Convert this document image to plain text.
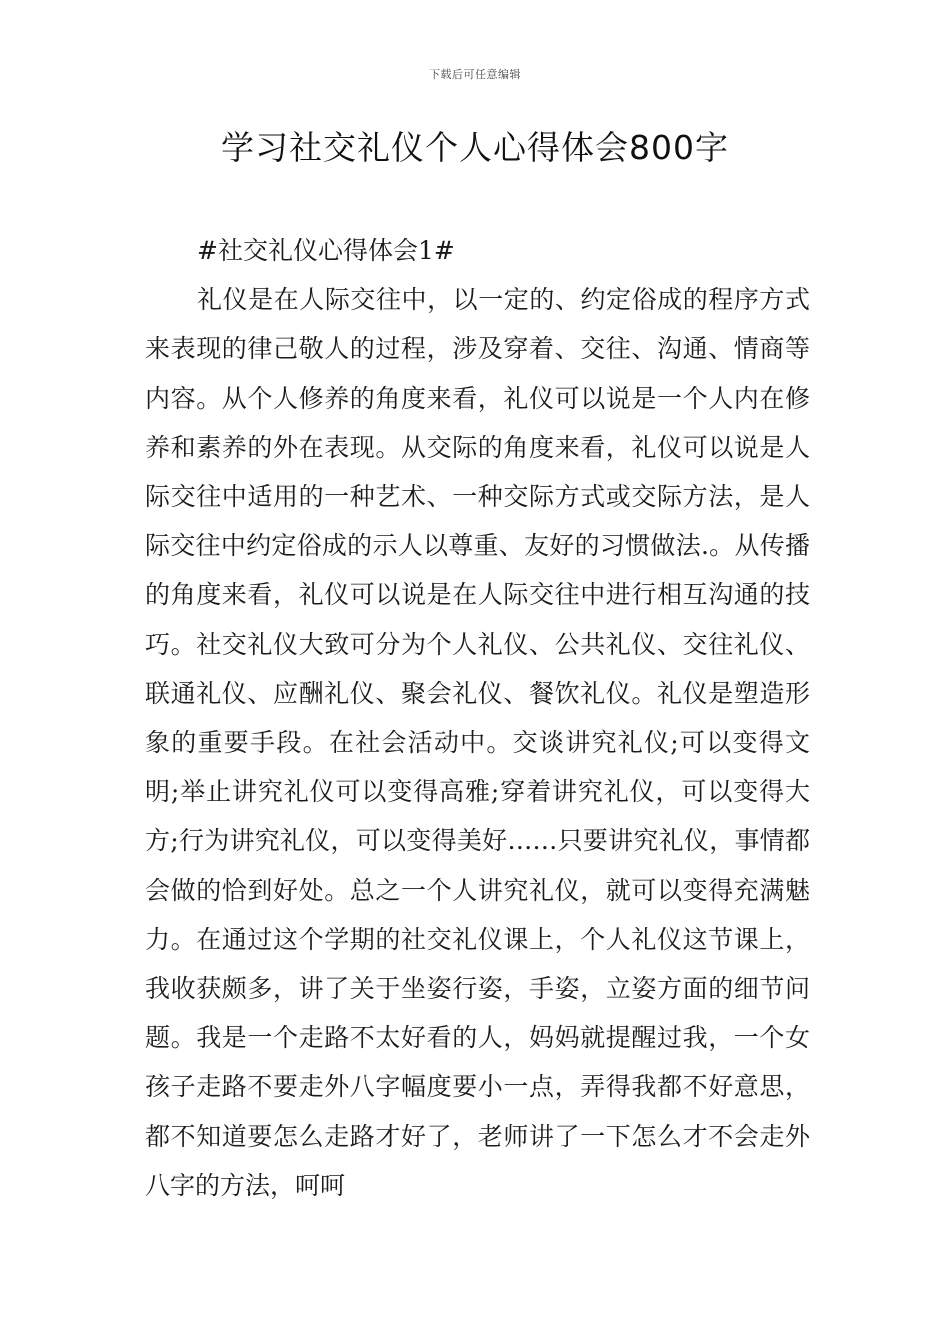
下载后可任意编辑
学习社交礼仪个人心得体会800字

#社交礼仪心得体会1#

礼仪是在人际交往中，以一定的、约定俗成的程序方式来表现的律己敬人的过程，涉及穿着、交往、沟通、情商等内容。从个人修养的角度来看，礼仪可以说是一个人内在修养和素养的外在表现。从交际的角度来看，礼仪可以说是人际交往中适用的一种艺术、一种交际方式或交际方法，是人际交往中约定俗成的示人以尊重、友好的习惯做法.。从传播的角度来看，礼仪可以说是在人际交往中进行相互沟通的技巧。社交礼仪大致可分为个人礼仪、公共礼仪、交往礼仪、联通礼仪、应酬礼仪、聚会礼仪、餐饮礼仪。礼仪是塑造形象的重要手段。在社会活动中。交谈讲究礼仪;可以变得文明;举止讲究礼仪可以变得高雅;穿着讲究礼仪，可以变得大方;行为讲究礼仪，可以变得美好……只要讲究礼仪，事情都会做的恰到好处。总之一个人讲究礼仪，就可以变得充满魅力。在通过这个学期的社交礼仪课上，个人礼仪这节课上，我收获颇多，讲了关于坐姿行姿，手姿，立姿方面的细节问题。我是一个走路不太好看的人，妈妈就提醒过我，一个女孩子走路不要走外八字幅度要小一点，弄得我都不好意思，都不知道要怎么走路才好了，老师讲了一下怎么才不会走外八字的方法，呵呵
